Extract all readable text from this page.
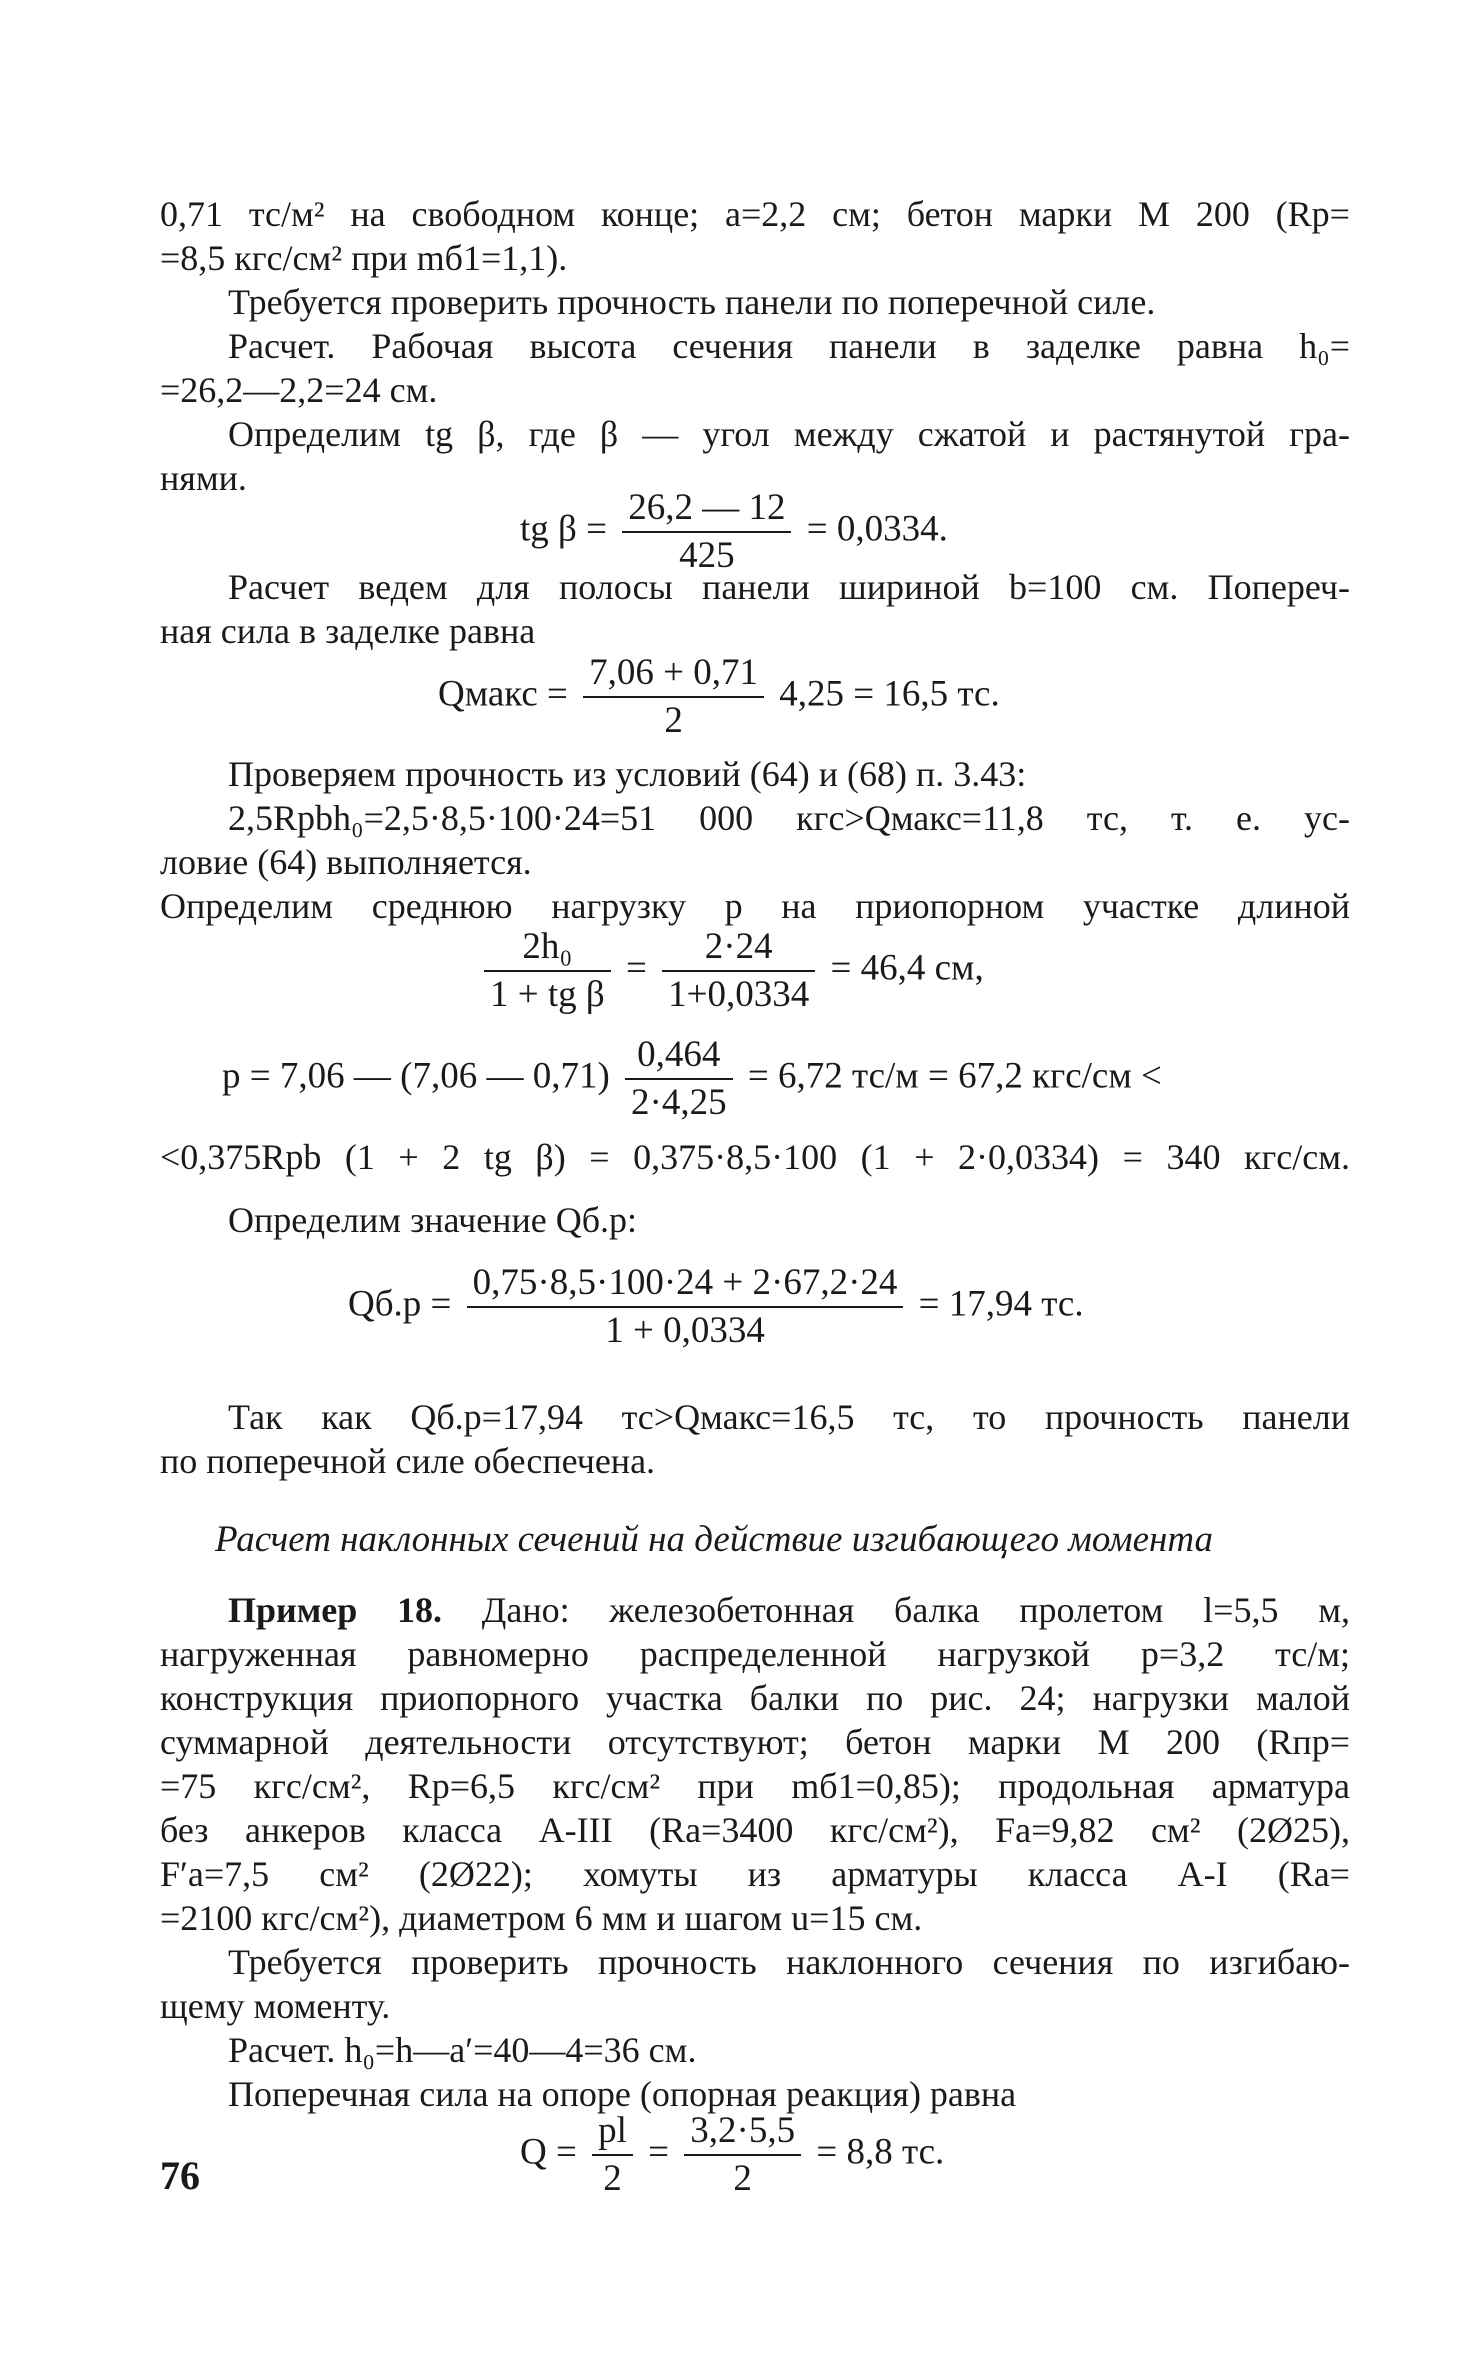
0,71 тс/м² на свободном конце; a=2,2 см; бетон марки М 200 (Rр=
=8,5 кгс/см² при mб1=1,1).
Требуется проверить прочность панели по поперечной силе.
Расчет. Рабочая высота сечения панели в заделке равна h₀=
=26,2—2,2=24 см.
Определим tg β, где β — угол между сжатой и растянутой гра-
нями.
tg $\beta = \frac{26,2 — 12}{425} = 0,0334$.
Расчет ведем для полосы панели шириной b=100 см. Попереч-
ная сила в заделке равна
Qмакс = $\frac{7,06 + 0,71}{2} 4,25 = 16,5$ тс.
Проверяем прочность из условий (64) и (68) п. 3.43:
2,5Rрbh₀=2,5·8,5·100·24=51 000 кгс>Qмакс=11,8 тс, т. е. ус-
ловие (64) выполняется.
Определим среднюю нагрузку p на приопорном участке длиной
$\frac{\text{2h₀}}{\text{1 + tg β}} = \frac{2\cdot 24}{1+0,0334} = 46,4$ см,
p = 7,06 — (7,06 — $0,71) \frac{0,464}{2\cdot 4,25} = 6,72$ тс/м = 67,2 кгс/см <
<0,375Rрb (1 + 2 tg β) = 0,375·8,5·100 (1 + 2·0,0334) = 340 кгс/см.
Определим значение Qб.р:
$Qб.р = \frac{0,75\cdot 8,5\cdot 100\cdot 24 + 2\cdot 67,2\cdot 24}{1 + 0,0334} = 17,94$ тс.
Так как Qб.р=17,94 тс>Qмакс=16,5 тс, то прочность панели
по поперечной силе обеспечена.
Расчет наклонных сечений на действие изгибающего момента
Пример 18. Дано: железобетонная балка пролетом l=5,5 м,
нагруженная равномерно распределенной нагрузкой p=3,2 тс/м;
конструкция приопорного участка балки по рис. 24; нагрузки малой
суммарной деятельности отсутствуют; бетон марки М 200 (Rпр=
=75 кгс/см², Rр=6,5 кгс/см² при mб1=0,85); продольная арматура
без анкеров класса А-III (Rа=3400 кгс/см²), Fа=9,82 см² (2Ø25),
F′а=7,5 см² (2Ø22); хомуты из арматуры класса А-I (Rа=
=2100 кгс/см²), диаметром 6 мм и шагом u=15 см.
Требуется проверить прочность наклонного сечения по изгибаю-
щему моменту.
Расчет. h₀=h—a′=40—4=36 см.
Поперечная сила на опоре (опорная реакция) равна
$Q = \frac{pl}{2} = \frac{3,2\cdot 5,5}{2} = 8,8$ тс.
76
